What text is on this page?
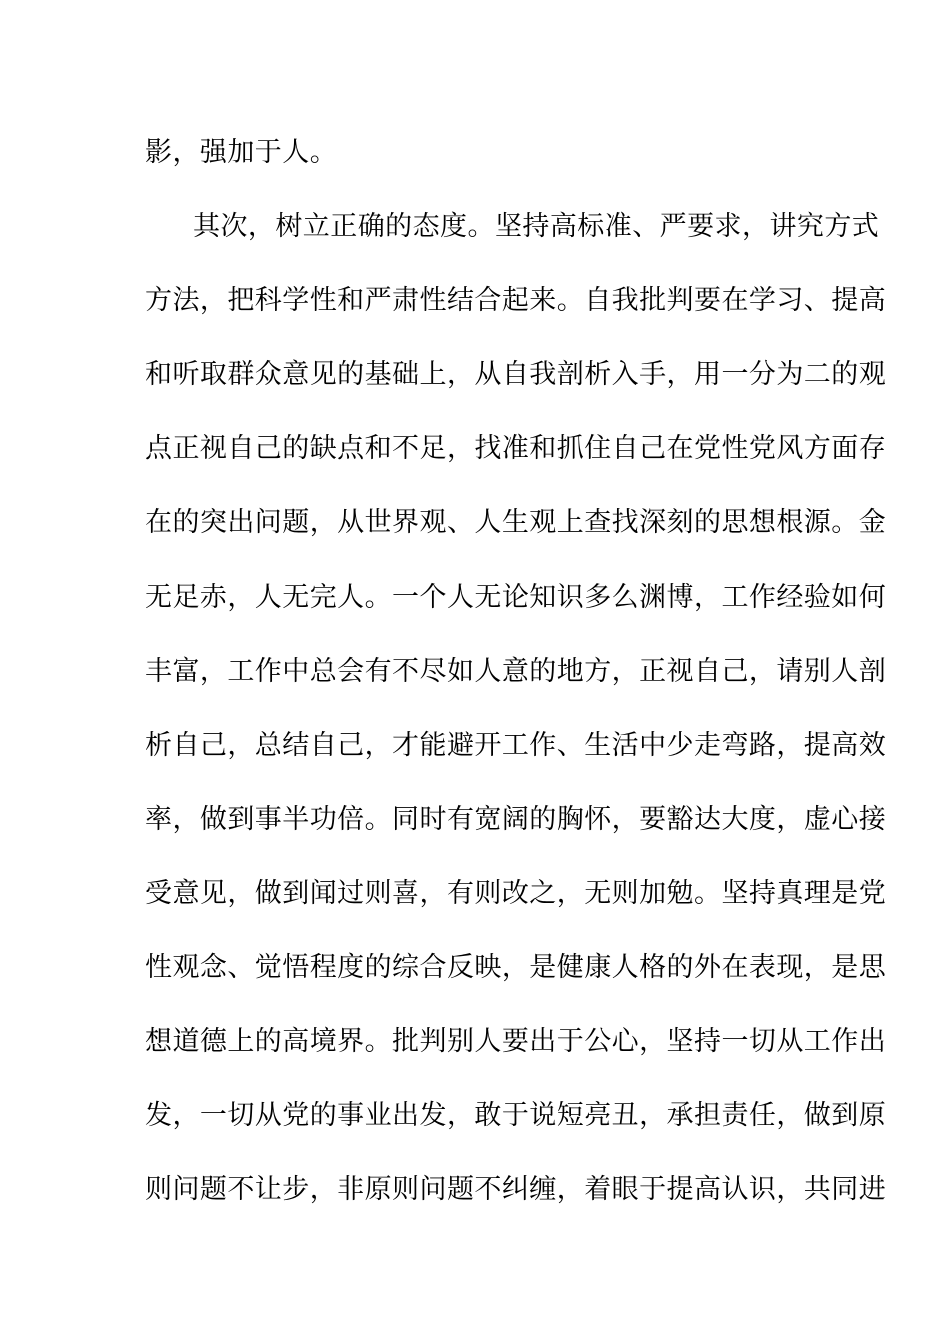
影，强加于人。
其次，树立正确的态度。坚持高标准、严要求，讲究方式
方法，把科学性和严肃性结合起来。自我批判要在学习、提高
和听取群众意见的基础上，从自我剖析入手，用一分为二的观
点正视自己的缺点和不足，找准和抓住自己在党性党风方面存
在的突出问题，从世界观、人生观上查找深刻的思想根源。金
无足赤，人无完人。一个人无论知识多么渊博，工作经验如何
丰富，工作中总会有不尽如人意的地方，正视自己，请别人剖
析自己，总结自己，才能避开工作、生活中少走弯路，提高效
率，做到事半功倍。同时有宽阔的胸怀，要豁达大度，虚心接
受意见，做到闻过则喜，有则改之，无则加勉。坚持真理是党
性观念、觉悟程度的综合反映，是健康人格的外在表现，是思
想道德上的高境界。批判别人要出于公心，坚持一切从工作出
发，一切从党的事业出发，敢于说短亮丑，承担责任，做到原
则问题不让步，非原则问题不纠缠，着眼于提高认识，共同进
